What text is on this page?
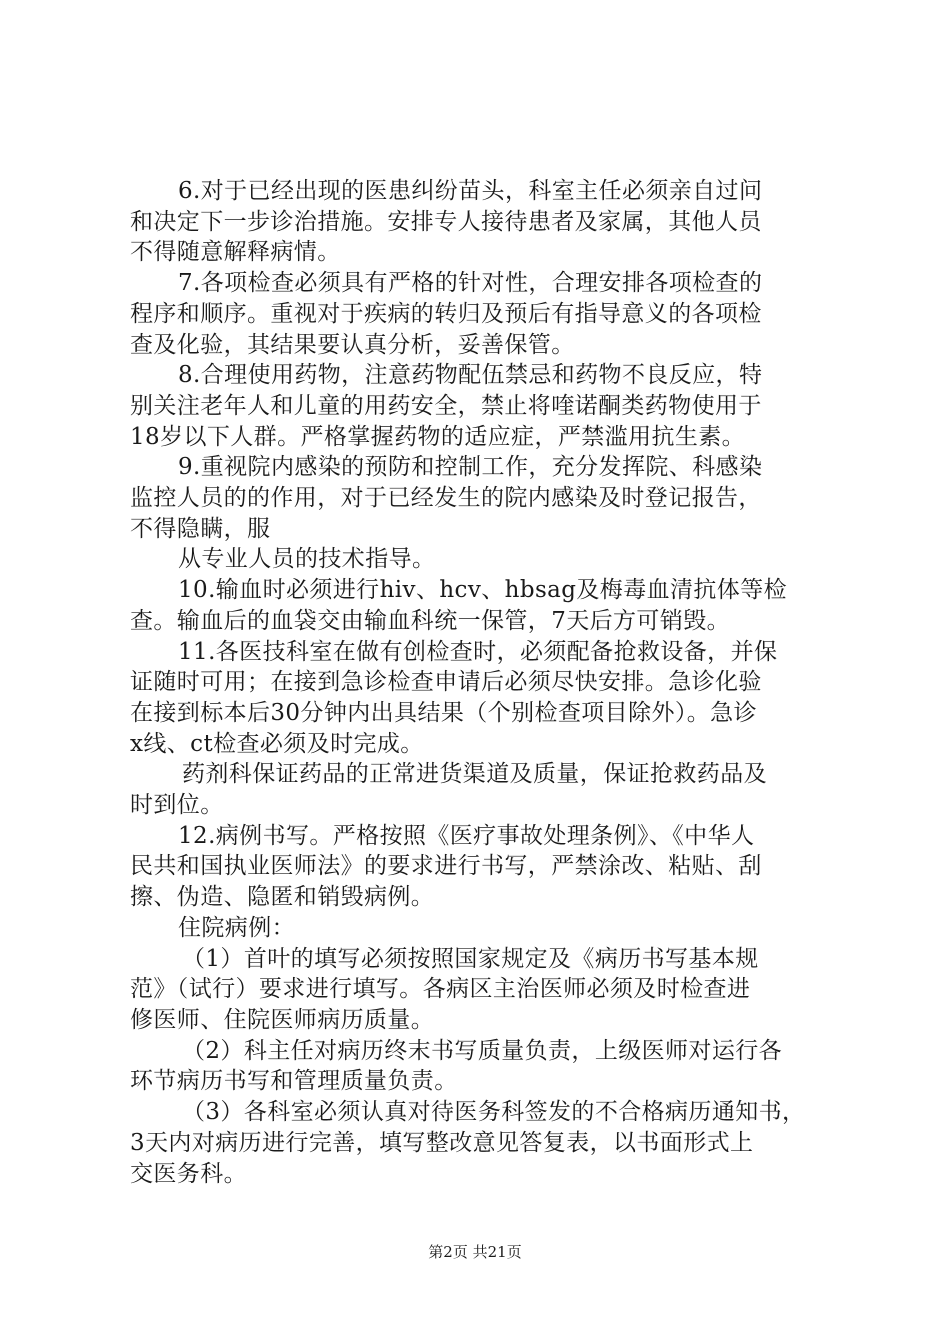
6.对于已经出现的医患纠纷苗头，科室主任必须亲自过问
和决定下一步诊治措施。安排专人接待患者及家属，其他人员
不得随意解释病情。
7.各项检查必须具有严格的针对性，合理安排各项检查的
程序和顺序。重视对于疾病的转归及预后有指导意义的各项检
查及化验，其结果要认真分析，妥善保管。
8.合理使用药物，注意药物配伍禁忌和药物不良反应，特
别关注老年人和儿童的用药安全，禁止将喹诺酮类药物使用于
18岁以下人群。严格掌握药物的适应症，严禁滥用抗生素。
9.重视院内感染的预防和控制工作，充分发挥院、科感染
监控人员的的作用，对于已经发生的院内感染及时登记报告，
不得隐瞒，服
从专业人员的技术指导。
10.输血时必须进行hiv、hcv、hbsag及梅毒血清抗体等检
查。输血后的血袋交由输血科统一保管，7天后方可销毁。
11.各医技科室在做有创检查时，必须配备抢救设备，并保
证随时可用；在接到急诊检查申请后必须尽快安排。急诊化验
在接到标本后30分钟内出具结果（个别检查项目除外）。急诊
x线、ct检查必须及时完成。
药剂科保证药品的正常进货渠道及质量，保证抢救药品及
时到位。
12.病例书写。严格按照《医疗事故处理条例》、《中华人
民共和国执业医师法》的要求进行书写，严禁涂改、粘贴、刮
擦、伪造、隐匿和销毁病例。
住院病例：
（1）首叶的填写必须按照国家规定及《病历书写基本规
范》（试行）要求进行填写。各病区主治医师必须及时检查进
修医师、住院医师病历质量。
（2）科主任对病历终末书写质量负责，上级医师对运行各
环节病历书写和管理质量负责。
（3）各科室必须认真对待医务科签发的不合格病历通知书，
3天内对病历进行完善，填写整改意见答复表，以书面形式上
交医务科。
第2页 共21页
